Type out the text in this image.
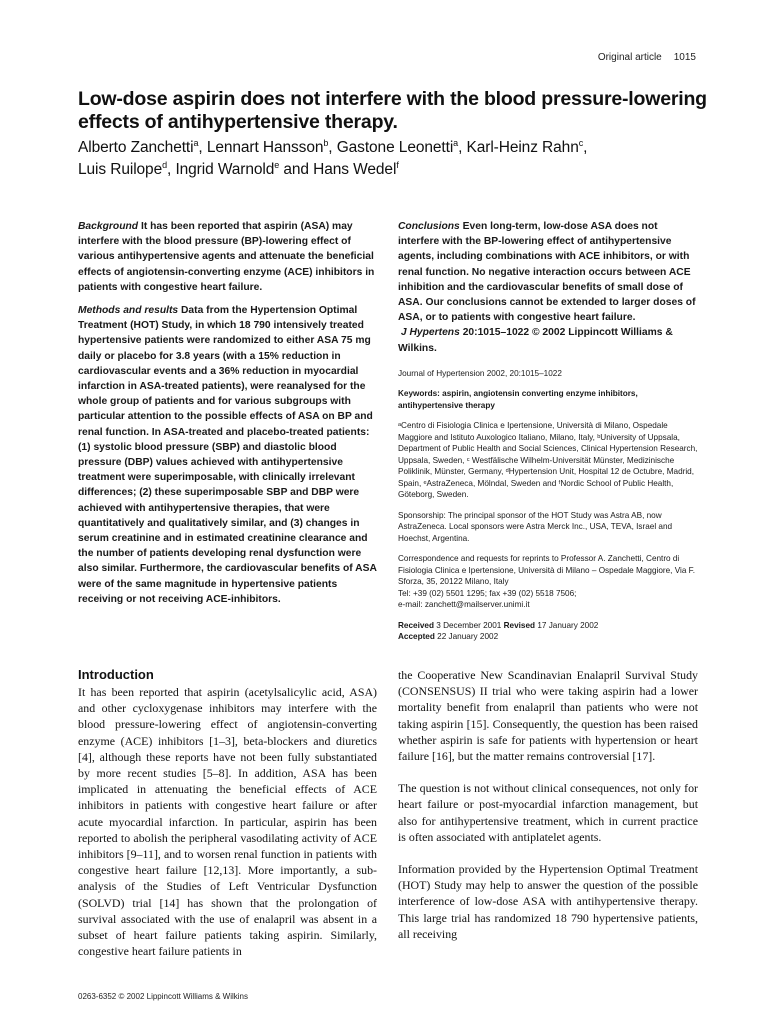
Original article 1015
Low-dose aspirin does not interfere with the blood pressure-lowering effects of antihypertensive therapy.
Alberto Zanchetti$^a$, Lennart Hansson$^b$, Gastone Leonetti$^a$, Karl-Heinz Rahn$^c$,
Luis Ruilope$^d$, Ingrid Warnold$^e$ and Hans Wedel$^f$

Background It has been reported that aspirin (ASA) may interfere with the blood pressure (BP)-lowering effect of various antihypertensive agents and attenuate the beneficial effects of angiotensin-converting enzyme (ACE) inhibitors in patients with congestive heart failure.

Methods and results Data from the Hypertension Optimal Treatment (HOT) Study, in which 18 790 intensively treated hypertensive patients were randomized to either ASA 75 mg daily or placebo for 3.8 years (with a 15% reduction in cardiovascular events and a 36% reduction in myocardial infarction in ASA-treated patients), were reanalysed for the whole group of patients and for various subgroups with particular attention to the possible effects of ASA on BP and renal function. In ASA-treated and placebo-treated patients: (1) systolic blood pressure (SBP) and diastolic blood pressure (DBP) values achieved with antihypertensive treatment were superimposable, with clinically irrelevant differences; (2) these superimposable SBP and DBP were achieved with antihypertensive therapies, that were quantitatively and qualitatively similar, and (3) changes in serum creatinine and in estimated creatinine clearance and the number of patients developing renal dysfunction were also similar. Furthermore, the cardiovascular benefits of ASA were of the same magnitude in hypertensive patients receiving or not receiving ACE-inhibitors.

Conclusions Even long-term, low-dose ASA does not interfere with the BP-lowering effect of antihypertensive agents, including combinations with ACE inhibitors, or with renal function. No negative interaction occurs between ACE inhibition and the cardiovascular benefits of small dose of ASA. Our conclusions cannot be extended to larger doses of ASA, or to patients with congestive heart failure.
J Hypertens 20:1015–1022 © 2002 Lippincott Williams & Wilkins.

Journal of Hypertension 2002, 20:1015–1022

Keywords: aspirin, angiotensin converting enzyme inhibitors, antihypertensive therapy

ᵃCentro di Fisiologia Clinica e Ipertensione, Università di Milano, Ospedale Maggiore and Istituto Auxologico Italiano, Milano, Italy, ᵇUniversity of Uppsala, Department of Public Health and Social Sciences, Clinical Hypertension Research, Uppsala, Sweden, ᶜ Westfälische Wilhelm-Universität Münster, Medizinische Poliklinik, Münster, Germany, ᵈHypertension Unit, Hospital 12 de Octubre, Madrid, Spain, ᵉAstraZeneca, Mölndal, Sweden and ᶠNordic School of Public Health, Göteborg, Sweden.

Sponsorship: The principal sponsor of the HOT Study was Astra AB, now AstraZeneca. Local sponsors were Astra Merck Inc., USA, TEVA, Israel and Hoechst, Argentina.

Correspondence and requests for reprints to Professor A. Zanchetti, Centro di Fisiologia Clinica e Ipertensione, Università di Milano – Ospedale Maggiore, Via F. Sforza, 35, 20122 Milano, Italy
Tel: +39 (02) 5501 1295; fax +39 (02) 5518 7506;
e-mail: zanchett@mailserver.unimi.it

Received 3 December 2001 Revised 17 January 2002
Accepted 22 January 2002

Introduction

It has been reported that aspirin (acetylsalicylic acid, ASA) and other cycloxygenase inhibitors may interfere with the blood pressure-lowering effect of angiotensin-converting enzyme (ACE) inhibitors [1–3], beta-blockers and diuretics [4], although these reports have not been fully substantiated by more recent studies [5–8]. In addition, ASA has been implicated in attenuating the beneficial effects of ACE inhibitors in patients with congestive heart failure or after acute myocardial infarction. In particular, aspirin has been reported to abolish the peripheral vasodilating activity of ACE inhibitors [9–11], and to worsen renal function in patients with congestive heart failure [12,13]. More importantly, a sub-analysis of the Studies of Left Ventricular Dysfunction (SOLVD) trial [14] has shown that the prolongation of survival associated with the use of enalapril was absent in a subset of heart failure patients taking aspirin. Similarly, congestive heart failure patients in

the Cooperative New Scandinavian Enalapril Survival Study (CONSENSUS) II trial who were taking aspirin had a lower mortality benefit from enalapril than patients who were not taking aspirin [15]. Consequently, the question has been raised whether aspirin is safe for patients with hypertension or heart failure [16], but the matter remains controversial [17].

The question is not without clinical consequences, not only for heart failure or post-myocardial infarction management, but also for antihypertensive treatment, which in current practice is often associated with antiplatelet agents.

Information provided by the Hypertension Optimal Treatment (HOT) Study may help to answer the question of the possible interference of low-dose ASA with antihypertensive therapy. This large trial has randomized 18 790 hypertensive patients, all receiving

0263-6352 © 2002 Lippincott Williams & Wilkins
